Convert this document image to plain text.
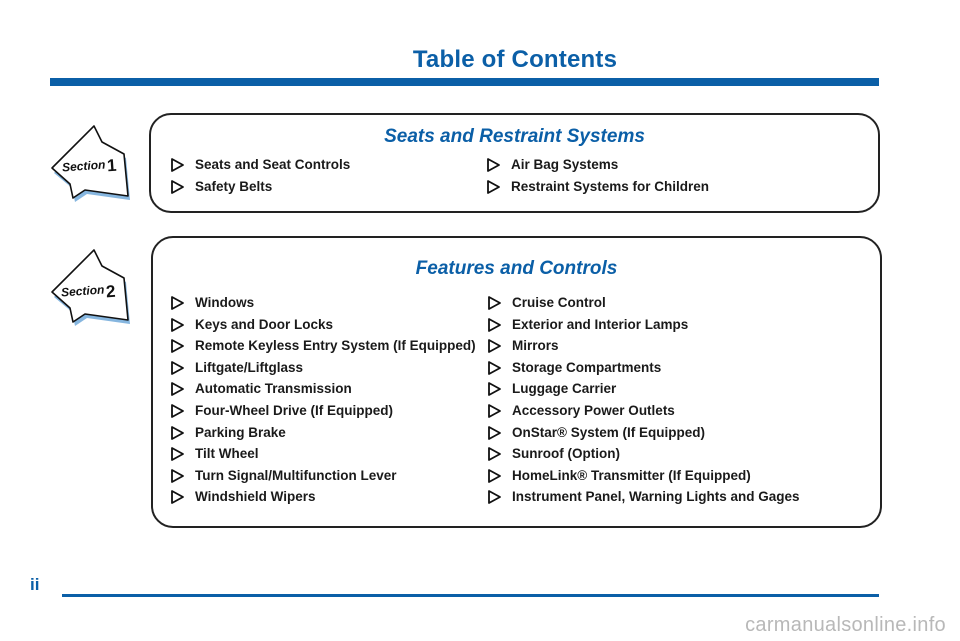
Table of Contents
Section 1
Seats and Restraint Systems
Seats and Seat Controls
Safety Belts
Air Bag Systems
Restraint Systems for Children
Section 2
Features and Controls
Windows
Keys and Door Locks
Remote Keyless Entry System (If Equipped)
Liftgate/Liftglass
Automatic Transmission
Four-Wheel Drive (If Equipped)
Parking Brake
Tilt Wheel
Turn Signal/Multifunction Lever
Windshield Wipers
Cruise Control
Exterior and Interior Lamps
Mirrors
Storage Compartments
Luggage Carrier
Accessory Power Outlets
OnStar® System (If Equipped)
Sunroof (Option)
HomeLink® Transmitter (If Equipped)
Instrument Panel, Warning Lights and Gages
ii
carmanualsonline.info
